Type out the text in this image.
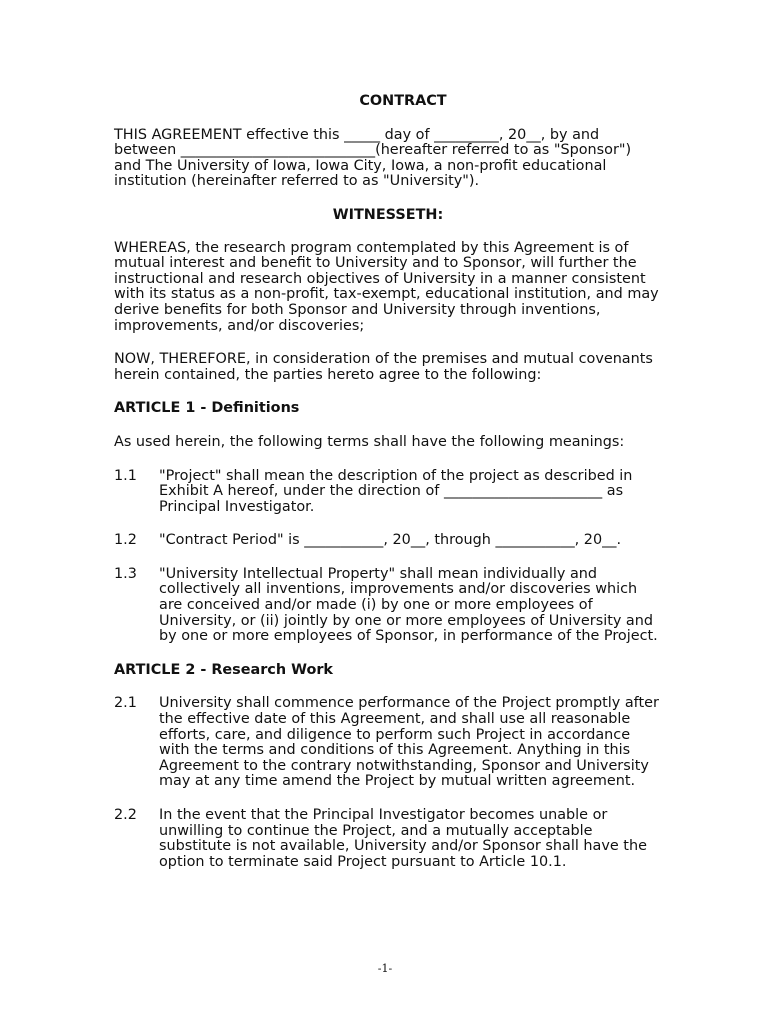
CONTRACT

THIS AGREEMENT effective this _____ day of _________, 20__, by and between ___________________________(hereafter referred to as "Sponsor") and The University of Iowa, Iowa City, Iowa, a non-profit educational institution (hereinafter referred to as "University").

WITNESSETH:

WHEREAS, the research program contemplated by this Agreement is of mutual interest and benefit to University and to Sponsor, will further the instructional and research objectives of University in a manner consistent with its status as a non-profit, tax-exempt, educational institution, and may derive benefits for both Sponsor and University through inventions, improvements, and/or discoveries;

NOW, THEREFORE, in consideration of the premises and mutual covenants herein contained, the parties hereto agree to the following:

ARTICLE 1 - Definitions

As used herein, the following terms shall have the following meanings:

1.1	"Project" shall mean the description of the project as described in Exhibit A hereof, under the direction of ______________________ as Principal Investigator.
1.2	"Contract Period" is ___________, 20__, through ___________, 20__.
1.3	"University Intellectual Property" shall mean individually and collectively all inventions, improvements and/or discoveries which are conceived and/or made (i) by one or more employees of University, or (ii) jointly by one or more employees of University and by one or more employees of Sponsor, in performance of the Project.
ARTICLE 2 - Research Work
2.1	University shall commence performance of the Project promptly after the effective date of this Agreement, and shall use all reasonable efforts, care, and diligence to perform such Project in accordance with the terms and conditions of this Agreement. Anything in this Agreement to the contrary notwithstanding, Sponsor and University may at any time amend the Project by mutual written agreement.
2.2	In the event that the Principal Investigator becomes unable or unwilling to continue the Project, and a mutually acceptable substitute is not available, University and/or Sponsor shall have the option to terminate said Project pursuant to Article 10.1.
-1-
